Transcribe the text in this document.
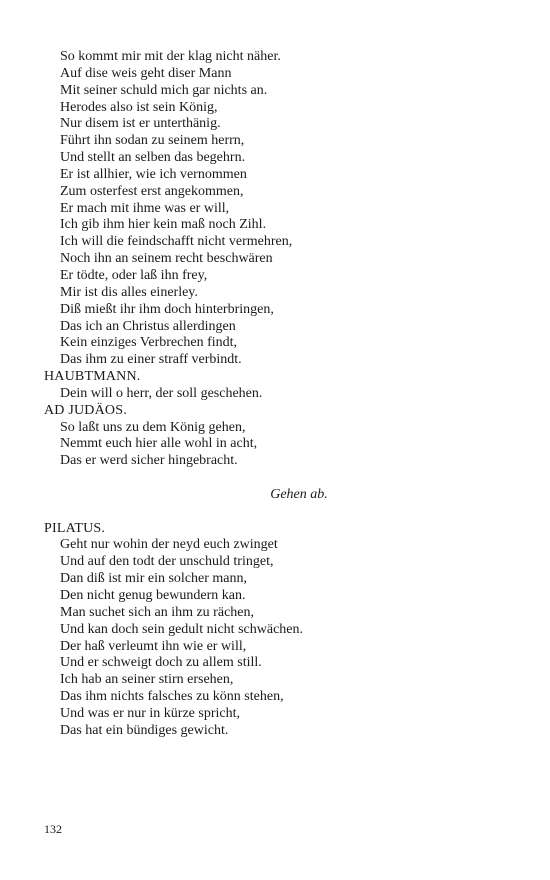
So kommt mir mit der klag nicht näher.
Auf dise weis geht diser Mann
Mit seiner schuld mich gar nichts an.
Herodes also ist sein König,
Nur disem ist er unterthänig.
Führt ihn sodan zu seinem herrn,
Und stellt an selben das begehrn.
Er ist allhier, wie ich vernommen
Zum osterfest erst angekommen,
Er mach mit ihme was er will,
Ich gib ihm hier kein maß noch Zihl.
Ich will die feindschafft nicht vermehren,
Noch ihn an seinem recht beschwären
Er tödte, oder laß ihn frey,
Mir ist dis alles einerley.
Diß mießt ihr ihm doch hinterbringen,
Das ich an Christus allerdingen
Kein einziges Verbrechen findt,
Das ihm zu einer straff verbindt.
HAUBTMANN.
Dein will o herr, der soll geschehen.
AD JUDÄOS.
So laßt uns zu dem König gehen,
Nemmt euch hier alle wohl in acht,
Das er werd sicher hingebracht.
Gehen ab.
PILATUS.
Geht nur wohin der neyd euch zwinget
Und auf den todt der unschuld tringet,
Dan diß ist mir ein solcher mann,
Den nicht genug bewundern kan.
Man suchet sich an ihm zu rächen,
Und kan doch sein gedult nicht schwächen.
Der haß verleumt ihn wie er will,
Und er schweigt doch zu allem still.
Ich hab an seiner stirn ersehen,
Das ihm nichts falsches zu könn stehen,
Und was er nur in kürze spricht,
Das hat ein bündiges gewicht.
132
